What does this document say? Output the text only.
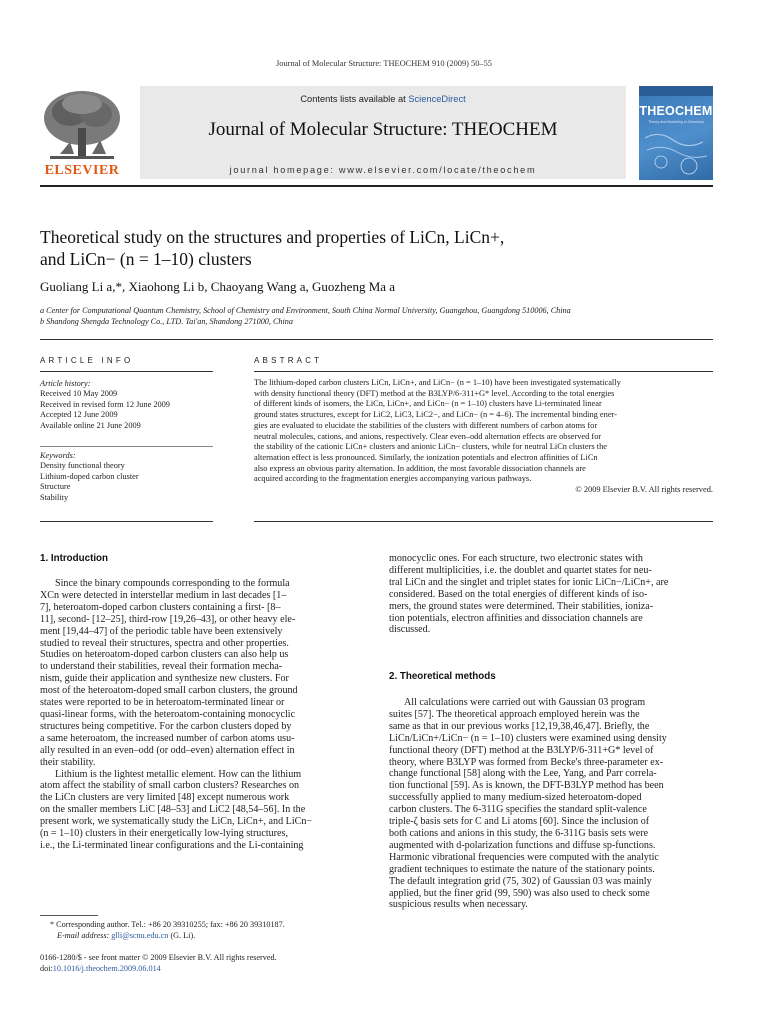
Journal of Molecular Structure: THEOCHEM 910 (2009) 50–55
Contents lists available at ScienceDirect
Journal of Molecular Structure: THEOCHEM
journal homepage: www.elsevier.com/locate/theochem
ELSEVIER
THEOCHEM
Theory and Modelling in Chemistry
Theoretical study on the structures and properties of LiCn, LiCn+,
and LiCn− (n = 1–10) clusters
Guoliang Li a,*, Xiaohong Li b, Chaoyang Wang a, Guozheng Ma a
a Center for Computational Quantum Chemistry, School of Chemistry and Environment, South China Normal University, Guangzhou, Guangdong 510006, China
b Shandong Shengda Technology Co., LTD. Tai'an, Shandong 271000, China
ARTICLE INFO
Article history:
Received 10 May 2009
Received in revised form 12 June 2009
Accepted 12 June 2009
Available online 21 June 2009
Keywords:
Density functional theory
Lithium-doped carbon cluster
Structure
Stability
ABSTRACT
The lithium-doped carbon clusters LiCn, LiCn+, and LiCn− (n = 1–10) have been investigated systematically
with density functional theory (DFT) method at the B3LYP/6-311+G* level. According to the total energies
of different kinds of isomers, the LiCn, LiCn+, and LiCn− (n = 1–10) clusters have Li-terminated linear
ground states structures, except for LiC2, LiC3, LiC2−, and LiCn− (n = 4–6). The incremental binding ener-
gies are evaluated to elucidate the stabilities of the clusters with different numbers of carbon atoms for
neutral molecules, cations, and anions, respectively. Clear even–odd alternation effects are observed for
the stability of the cationic LiCn+ clusters and anionic LiCn− clusters, while for neutral LiCn clusters the
alternation effect is less pronounced. Similarly, the ionization potentials and electron affinities of LiCn
also express an obvious parity alternation. In addition, the most favorable dissociation channels are
acquired according to the fragmentation energies accompanying various pathways.
© 2009 Elsevier B.V. All rights reserved.
1. Introduction
Since the binary compounds corresponding to the formula
XCn were detected in interstellar medium in last decades [1–
7], heteroatom-doped carbon clusters containing a first- [8–
11], second- [12–25], third-row [19,26–43], or other heavy ele-
ment [19,44–47] of the periodic table have been extensively
studied to reveal their structures, spectra and other properties.
Studies on heteroatom-doped carbon clusters can also help us
to understand their stabilities, reveal their formation mecha-
nism, guide their application and synthesize new clusters. For
most of the heteroatom-doped small carbon clusters, the ground
states were reported to be in heteroatom-terminated linear or
quasi-linear forms, with the heteroatom-containing monocyclic
structures being competitive. For the carbon clusters doped by
a same heteroatom, the increased number of carbon atoms usu-
ally resulted in an even–odd (or odd–even) alternation effect in
their stability.
Lithium is the lightest metallic element. How can the lithium
atom affect the stability of small carbon clusters? Researches on
the LiCn clusters are very limited [48] except numerous work
on the smaller members LiC [48–53] and LiC2 [48,54–56]. In the
present work, we systematically study the LiCn, LiCn+, and LiCn−
(n = 1–10) clusters in their energetically low-lying structures,
i.e., the Li-terminated linear configurations and the Li-containing
* Corresponding author. Tel.: +86 20 39310255; fax: +86 20 39310187.
E-mail address: glli@scnu.edu.cn (G. Li).
0166-1280/$ - see front matter © 2009 Elsevier B.V. All rights reserved.
doi:10.1016/j.theochem.2009.06.014
monocyclic ones. For each structure, two electronic states with
different multiplicities, i.e. the doublet and quartet states for neu-
tral LiCn and the singlet and triplet states for ionic LiCn−/LiCn+, are
considered. Based on the total energies of different kinds of iso-
mers, the ground states were determined. Their stabilities, ioniza-
tion potentials, electron affinities and dissociation channels are
discussed.
2. Theoretical methods
All calculations were carried out with Gaussian 03 program
suites [57]. The theoretical approach employed herein was the
same as that in our previous works [12,19,38,46,47]. Briefly, the
LiCn/LiCn+/LiCn− (n = 1–10) clusters were examined using density
functional theory (DFT) method at the B3LYP/6-311+G* level of
theory, where B3LYP was formed from Becke's three-parameter ex-
change functional [58] along with the Lee, Yang, and Parr correla-
tion functional [59]. As is known, the DFT-B3LYP method has been
successfully applied to many medium-sized heteroatom-doped
carbon clusters. The 6-311G specifies the standard split-valence
triple-ζ basis sets for C and Li atoms [60]. Since the inclusion of
both cations and anions in this study, the 6-311G basis sets were
augmented with d-polarization functions and diffuse sp-functions.
Harmonic vibrational frequencies were computed with the analytic
gradient techniques to estimate the nature of the stationary points.
The default integration grid (75, 302) of Gaussian 03 was mainly
applied, but the finer grid (99, 590) was also used to check some
suspicious results when necessary.
